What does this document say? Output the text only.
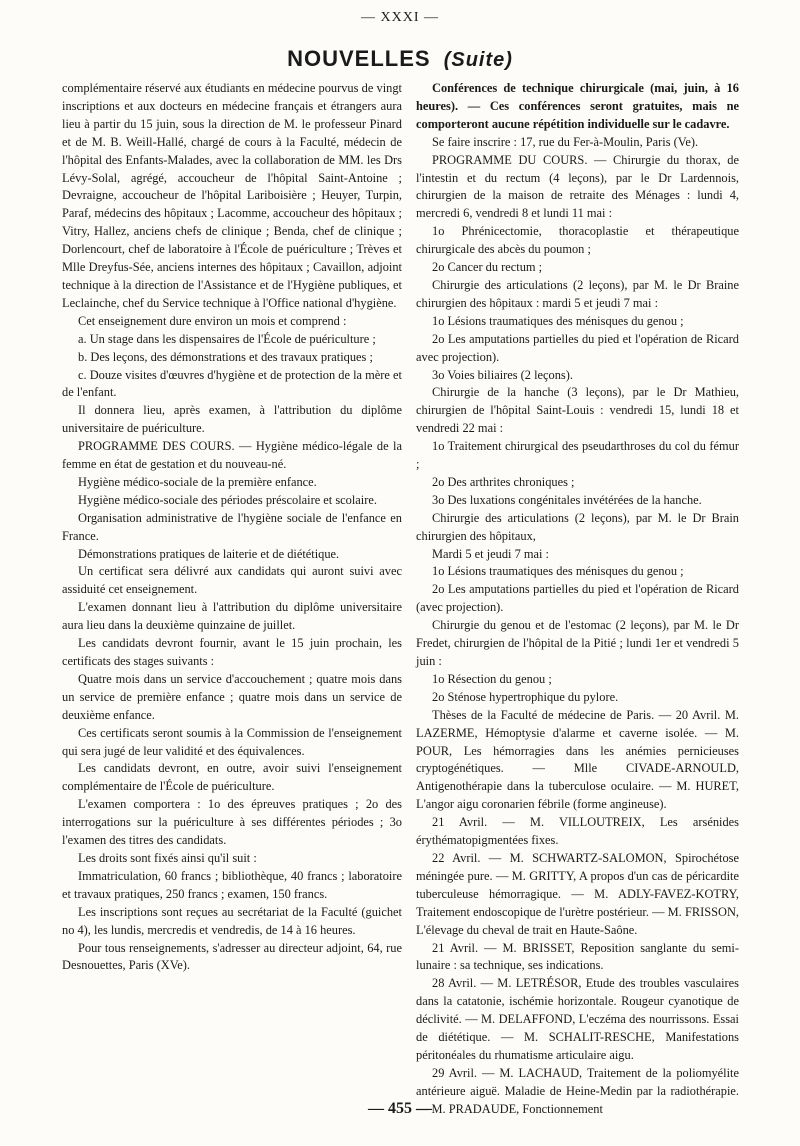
— XXXI —
NOUVELLES (Suite)

complémentaire réservé aux étudiants en médecine pourvus de vingt inscriptions et aux docteurs en médecine français et étrangers aura lieu à partir du 15 juin, sous la direction de M. le professeur Pinard et de M. B. Weill-Hallé, chargé de cours à la Faculté, médecin de l'hôpital des Enfants-Malades, avec la collaboration de MM. les Drs Lévy-Solal, agrégé, accoucheur de l'hôpital Saint-Antoine ; Devraigne, accoucheur de l'hôpital Lariboisière ; Heuyer, Turpin, Paraf, médecins des hôpitaux ; Lacomme, accoucheur des hôpitaux ; Vitry, Hallez, anciens chefs de clinique ; Benda, chef de clinique ; Dorlencourt, chef de laboratoire à l'École de puériculture ; Trèves et Mlle Dreyfus-Sée, anciens internes des hôpitaux ; Cavaillon, adjoint technique à la direction de l'Assistance et de l'Hygiène publiques, et Leclainche, chef du Service technique à l'Office national d'hygiène.

Cet enseignement dure environ un mois et comprend :

a. Un stage dans les dispensaires de l'École de puériculture ;

b. Des leçons, des démonstrations et des travaux pratiques ;

c. Douze visites d'œuvres d'hygiène et de protection de la mère et de l'enfant.

Il donnera lieu, après examen, à l'attribution du diplôme universitaire de puériculture.

PROGRAMME DES COURS. — Hygiène médico-légale de la femme en état de gestation et du nouveau-né.

Hygiène médico-sociale de la première enfance.

Hygiène médico-sociale des périodes préscolaire et scolaire.

Organisation administrative de l'hygiène sociale de l'enfance en France.

Démonstrations pratiques de laiterie et de diététique.

Un certificat sera délivré aux candidats qui auront suivi avec assiduité cet enseignement.

L'examen donnant lieu à l'attribution du diplôme universitaire aura lieu dans la deuxième quinzaine de juillet.

Les candidats devront fournir, avant le 15 juin prochain, les certificats des stages suivants :

Quatre mois dans un service d'accouchement ; quatre mois dans un service de première enfance ; quatre mois dans un service de deuxième enfance.

Ces certificats seront soumis à la Commission de l'enseignement qui sera jugé de leur validité et des équivalences.

Les candidats devront, en outre, avoir suivi l'enseignement complémentaire de l'École de puériculture.

L'examen comportera : 1o des épreuves pratiques ; 2o des interrogations sur la puériculture à ses différentes périodes ; 3o l'examen des titres des candidats.

Les droits sont fixés ainsi qu'il suit :

Immatriculation, 60 francs ; bibliothèque, 40 francs ; laboratoire et travaux pratiques, 250 francs ; examen, 150 francs.

Les inscriptions sont reçues au secrétariat de la Faculté (guichet no 4), les lundis, mercredis et vendredis, de 14 à 16 heures.

Pour tous renseignements, s'adresser au directeur adjoint, 64, rue Desnouettes, Paris (XVe).

Conférences de technique chirurgicale (mai, juin, à 16 heures). — Ces conférences seront gratuites, mais ne comporteront aucune répétition individuelle sur le cadavre.

Se faire inscrire : 17, rue du Fer-à-Moulin, Paris (Ve).

PROGRAMME DU COURS. — Chirurgie du thorax, de l'intestin et du rectum (4 leçons), par le Dr Lardennois, chirurgien de la maison de retraite des Ménages : lundi 4, mercredi 6, vendredi 8 et lundi 11 mai :

1o Phrénicectomie, thoracoplastie et thérapeutique chirurgicale des abcès du poumon ;

2o Cancer du rectum ;

Chirurgie des articulations (2 leçons), par M. le Dr Braine chirurgien des hôpitaux : mardi 5 et jeudi 7 mai :

1o Lésions traumatiques des ménisques du genou ;

2o Les amputations partielles du pied et l'opération de Ricard avec projection).

3o Voies biliaires (2 leçons).

Chirurgie de la hanche (3 leçons), par le Dr Mathieu, chirurgien de l'hôpital Saint-Louis : vendredi 15, lundi 18 et vendredi 22 mai :

1o Traitement chirurgical des pseudarthroses du col du fémur ;

2o Des arthrites chroniques ;

3o Des luxations congénitales invétérées de la hanche.

Chirurgie des articulations (2 leçons), par M. le Dr Brain chirurgien des hôpitaux,

Mardi 5 et jeudi 7 mai :

1o Lésions traumatiques des ménisques du genou ;

2o Les amputations partielles du pied et l'opération de Ricard (avec projection).

Chirurgie du genou et de l'estomac (2 leçons), par M. le Dr Fredet, chirurgien de l'hôpital de la Pitié ; lundi 1er et vendredi 5 juin :

1o Résection du genou ;

2o Sténose hypertrophique du pylore.

Thèses de la Faculté de médecine de Paris. — 20 Avril. M. LAZERME, Hémoptysie d'alarme et caverne isolée. — M. POUR, Les hémorragies dans les anémies pernicieuses cryptogénétiques. — Mlle CIVADE-ARNOULD, Antigenothérapie dans la tuberculose oculaire. — M. HURET, L'angor aigu coronarien fébrile (forme angineuse).

21 Avril. — M. VILLOUTREIX, Les arsénides érythématopigmentées fixes.

22 Avril. — M. SCHWARTZ-SALOMON, Spirochétose méningée pure. — M. GRITTY, A propos d'un cas de péricardite tuberculeuse hémorragique. — M. ADLY-FAVEZ-KOTRY, Traitement endoscopique de l'urètre postérieur. — M. FRISSON, L'élevage du cheval de trait en Haute-Saône.

21 Avril. — M. BRISSET, Reposition sanglante du semi-lunaire : sa technique, ses indications.

28 Avril. — M. LETRÉSOR, Etude des troubles vasculaires dans la catatonie, ischémie horizontale. Rougeur cyanotique de déclivité. — M. DELAFFOND, L'eczéma des nourrissons. Essai de diététique. — M. SCHALIT-RESCHE, Manifestations péritonéales du rhumatisme articulaire aigu.

29 Avril. — M. LACHAUD, Traitement de la poliomyélite antérieure aiguë. Maladie de Heine-Medin par la radiothérapie. — M. PRADAUDE, Fonctionnement

— 455 —
